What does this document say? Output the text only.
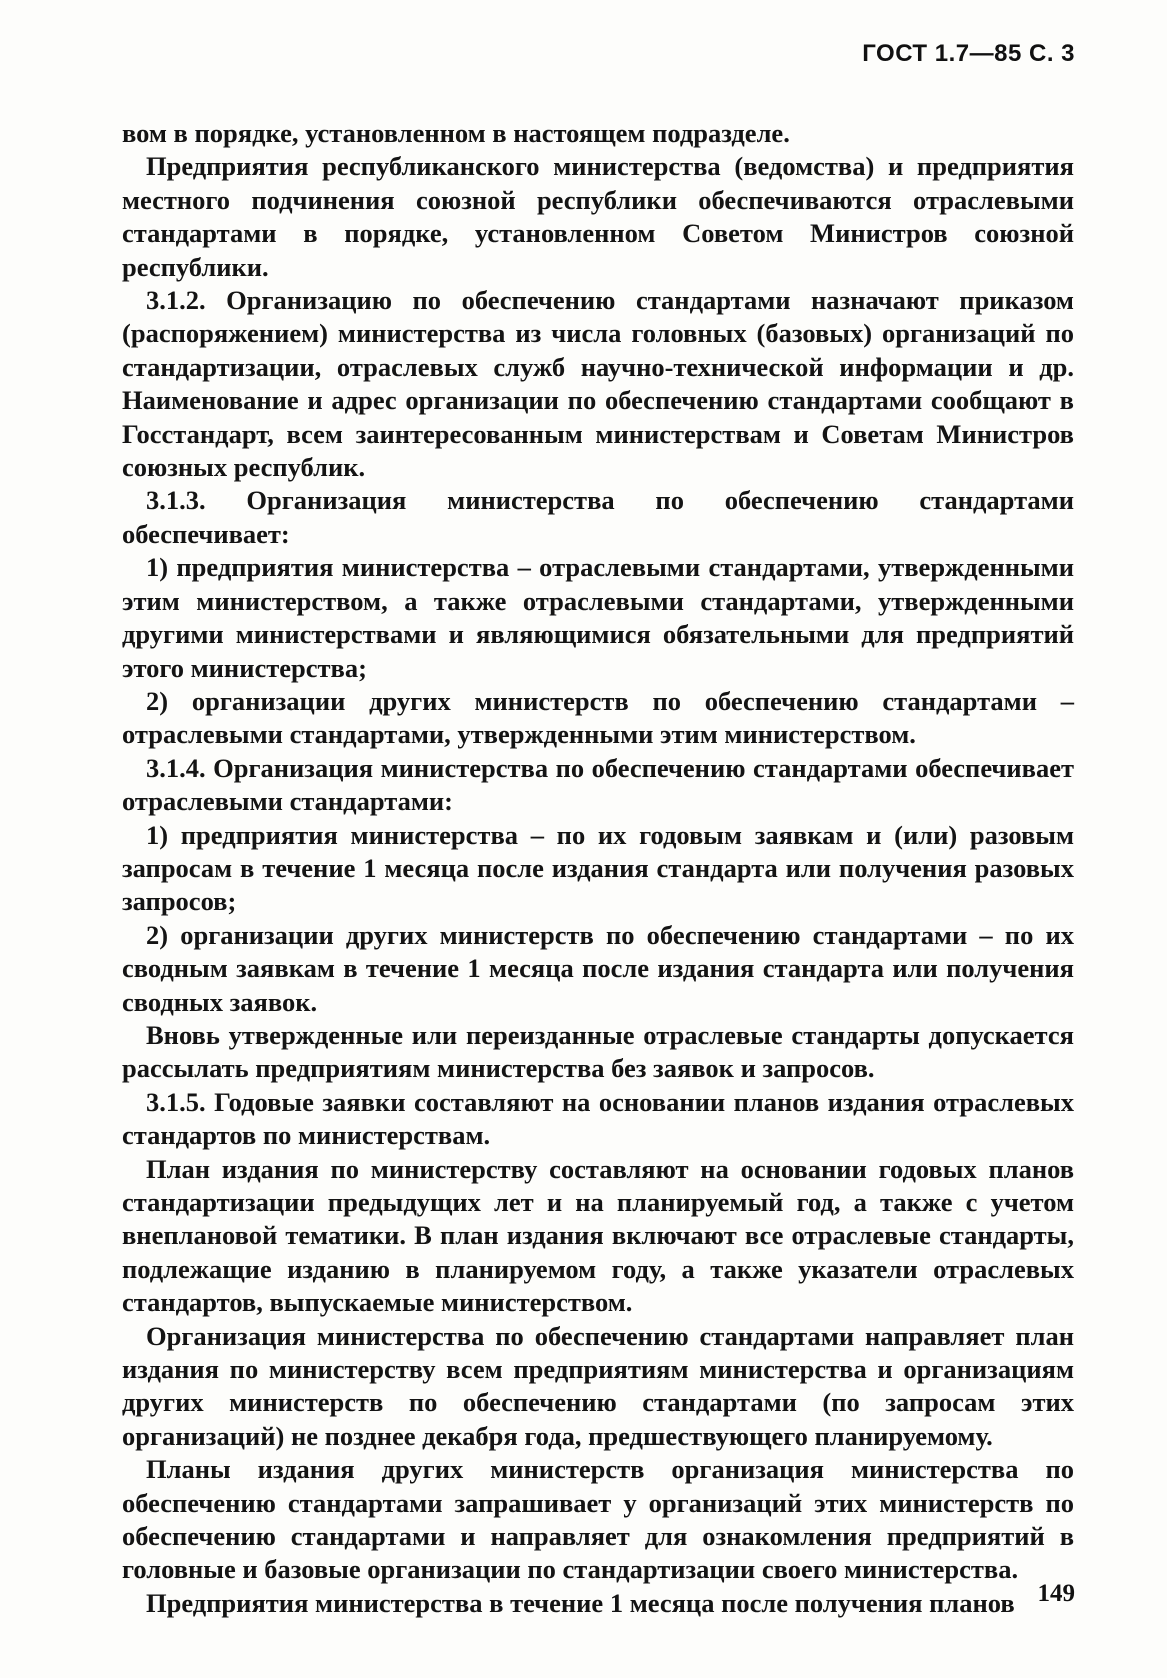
ГОСТ 1.7—85 С. 3

вом в порядке, установленном в настоящем подразделе.

Предприятия республиканского министерства (ведомства) и предприятия местного подчинения союзной республики обеспечиваются отраслевыми стандартами в порядке, установленном Советом Министров союзной республики.

3.1.2. Организацию по обеспечению стандартами назначают приказом (распоряжением) министерства из числа головных (базовых) организаций по стандартизации, отраслевых служб научно-технической информации и др. Наименование и адрес организации по обеспечению стандартами сообщают в Госстандарт, всем заинтересованным министерствам и Советам Министров союзных республик.

3.1.3. Организация министерства по обеспечению стандартами обеспечивает:

1) предприятия министерства – отраслевыми стандартами, утвержденными этим министерством, а также отраслевыми стандартами, утвержденными другими министерствами и являющимися обязательными для предприятий этого министерства;

2) организации других министерств по обеспечению стандартами – отраслевыми стандартами, утвержденными этим министерством.

3.1.4. Организация министерства по обеспечению стандартами обеспечивает отраслевыми стандартами:

1) предприятия министерства – по их годовым заявкам и (или) разовым запросам в течение 1 месяца после издания стандарта или получения разовых запросов;

2) организации других министерств по обеспечению стандартами – по их сводным заявкам в течение 1 месяца после издания стандарта или получения сводных заявок.

Вновь утвержденные или переизданные отраслевые стандарты допускается рассылать предприятиям министерства без заявок и запросов.

3.1.5. Годовые заявки составляют на основании планов издания отраслевых стандартов по министерствам.

План издания по министерству составляют на основании годовых планов стандартизации предыдущих лет и на планируемый год, а также с учетом внеплановой тематики. В план издания включают все отраслевые стандарты, подлежащие изданию в планируемом году, а также указатели отраслевых стандартов, выпускаемые министерством.

Организация министерства по обеспечению стандартами направляет план издания по министерству всем предприятиям министерства и организациям других министерств по обеспечению стандартами (по запросам этих организаций) не позднее декабря года, предшествующего планируемому.

Планы издания других министерств организация министерства по обеспечению стандартами запрашивает у организаций этих министерств по обеспечению стандартами и направляет для ознакомления предприятий в головные и базовые организации по стандартизации своего министерства.

Предприятия министерства в течение 1 месяца после получения планов 149
